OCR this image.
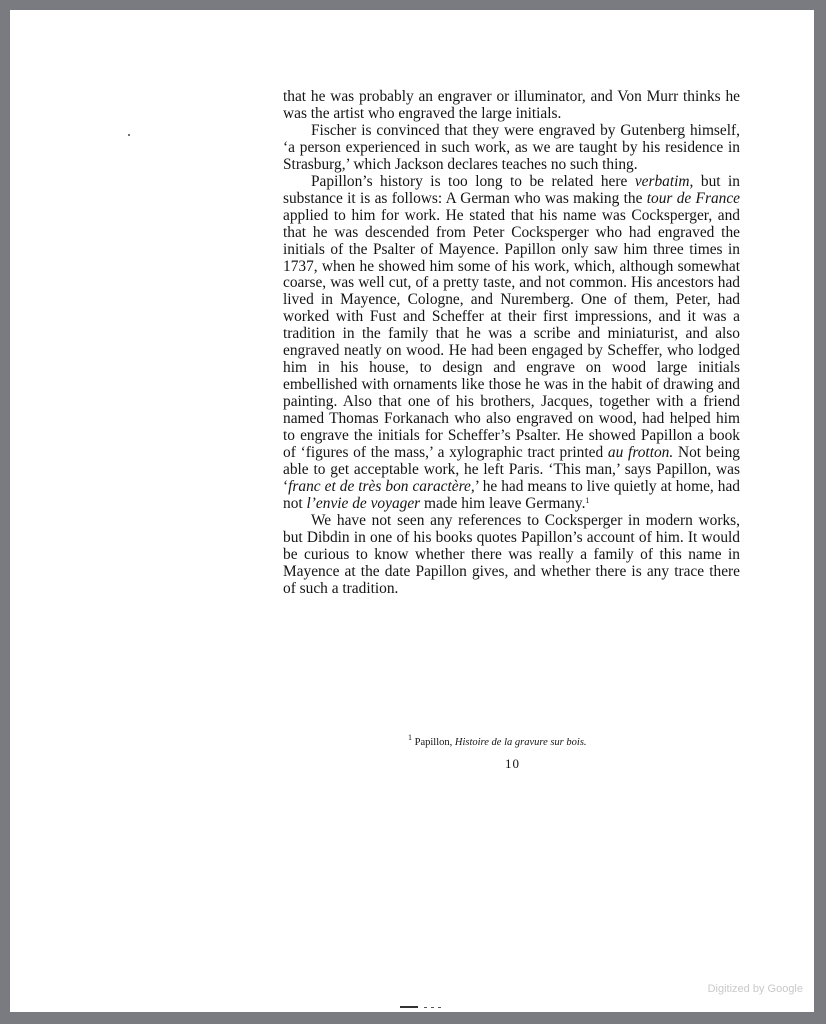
that he was probably an engraver or illuminator, and Von Murr thinks he was the artist who engraved the large initials.

Fischer is convinced that they were engraved by Gutenberg himself, ‘a person experienced in such work, as we are taught by his residence in Strasburg,’ which Jackson declares teaches no such thing.

Papillon’s history is too long to be related here verbatim, but in substance it is as follows: A German who was making the tour de France applied to him for work. He stated that his name was Cocksperger, and that he was descended from Peter Cocksperger who had engraved the initials of the Psalter of Mayence. Papillon only saw him three times in 1737, when he showed him some of his work, which, although somewhat coarse, was well cut, of a pretty taste, and not common. His ancestors had lived in Mayence, Cologne, and Nuremberg. One of them, Peter, had worked with Fust and Scheffer at their first impressions, and it was a tradition in the family that he was a scribe and miniaturist, and also engraved neatly on wood. He had been engaged by Scheffer, who lodged him in his house, to design and engrave on wood large initials embellished with ornaments like those he was in the habit of drawing and painting. Also that one of his brothers, Jacques, together with a friend named Thomas Forkanach who also engraved on wood, had helped him to engrave the initials for Scheffer’s Psalter. He showed Papillon a book of ‘figures of the mass,’ a xylographic tract printed au frotton. Not being able to get acceptable work, he left Paris. ‘This man,’ says Papillon, was ‘franc et de très bon caractère,’ he had means to live quietly at home, had not l’envie de voyager made him leave Germany.$^1$

We have not seen any references to Cocksperger in modern works, but Dibdin in one of his books quotes Papillon’s account of him. It would be curious to know whether there was really a family of this name in Mayence at the date Papillon gives, and whether there is any trace there of such a tradition.

$^1$ Papillon, Histoire de la gravure sur bois.
10
Digitized by Google
